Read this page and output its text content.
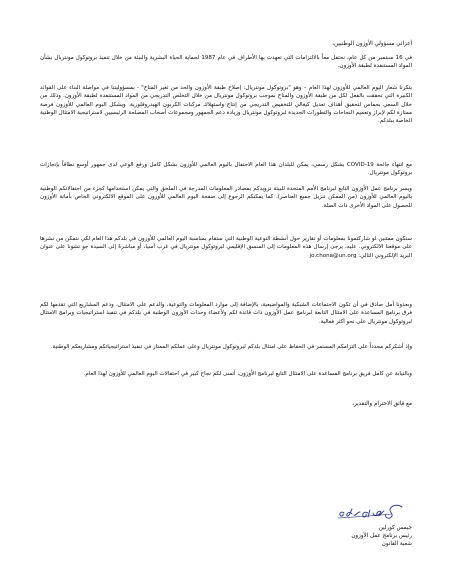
أعزائي مسؤولي الأوزون الوطنيين،

في 16 سبتمبر من كل عام، نحتفل معاً بالالتزامات التي تعهدت بها الأطراف في عام 1987 لحماية الحياة البشرية والبيئة من خلال تنفيذ بروتوكول مونتريال بشأن المواد المستنفدة لطبقة الأوزون.

يتكرنا شعار اليوم العالمي للأوزون لهذا العام – وهو "بروتوكول مونتريال: إصلاح طبقة الأوزون والحد من تغير المناخ" - بمسؤوليتنا في مواصلة البناء على القوائد الكبيرة التي تحققت بالفعل لكل من طبقة الأوزون والمناخ بموجب بروتوكول مونتريال من خلال التخلص التدريجي من المواد المستنفدة لطبقة الأوزون. وذلك من خلال السعي بحماس لتحقيق أهداف تعديل كيغالي للتخفيض التدريجي من إنتاج واستهلاك مركبات الكربون الهيدروفلورية. ويشكل اليوم العالمي للأوزون فرصة ممتازة لكم لإبراز وتعميم النجاحات والتطورات الجديدة لبروتوكول مونتريال وزيادة دعم الجمهور ومجموعات أصحاب المصلحة الرئيسيين لاستراتيجية الامتثال الوطنية الخاصة ببلدكم.

مع انتهاء جائحة COVID-19 بشكل رسمي، يمكن للبلدان هذا العام الاحتفال باليوم العالمي للأوزون بشكل كامل ورفع الوعي لدى جمهور أوسع نطاقاً بإنجازات بروتوكول مونتريال.

ويسر برنامج عمل الأوزون التابع لبرنامج الأمم المتحدة للبيئة تزويدكم بمصادر المعلومات المدرجة في الملحق والتي يمكن استخدامها كجزء من احتفالاتكم الوطنية باليوم العالمي للأوزون (من الممكن تنزيل جميع العناصر). كما يمكنكم الرجوع إلى صفحة اليوم العالمي للأوزون على الموقع الالكتروني الخاص بأمانة الأوزون للحصول على المواد الأخرى ذات الصلة.

سنكون ممتنين لو شاركتمونا بمعلومات أو تقارير حول أنشطة التوعية الوطنية التي ستقام بمناسبة اليوم العالمي للأوزون في بلدكم هذا العام لكي نتمكن من نشرها على موقعنا الالكتروني. عليه، يرجى إرسال هذه المعلومات إلى المنسق الإقليمي لبروتوكول مونتريال في غرب آسيا، أو مباشرةً إلى السيدة جو تشونا على عنوان البريد الإلكتروني التالي: jo.chona@un.org

وبعدونا أمل صادق في أن تكون الاجتماعات الشبكية والمواضيعية، بالإضافة إلى موارد المعلومات والتوعية، والدعم على الامتثال، ودعم المشاريع التي تقدمها لكم فرق برنامج المساعدة على الامتثال التابعة لبرنامج عمل الأوزون ذات فائدة لكم ولأعضاء وحدات الأوزون الوطنية في بلدكم في تنفيذ استراتيجيات وبرامج الامتثال لبروتوكول مونتريال على نحو أكثر فعالية.

وإذ أشكركم مجدداً على التزامكم المستمر في الحفاظ على امتثال بلدكم لبروتوكول مونتريال وعلى عملكم الممتاز في تنفيذ استراتيجياتكم ومشاريعكم الوطنية.

وبالنيابة عن كامل فريق برنامج المساعدة على الامتثال التابع لبرنامج الأوزون، أتمنى لكم نجاح كبير في احتفالات اليوم العالمي للأوزون لهذا العام.

مع فائق الاحترام والتقدير،
جيمس كورلين
رئيس برنامج عمل الأوزون
شعبة القانون
